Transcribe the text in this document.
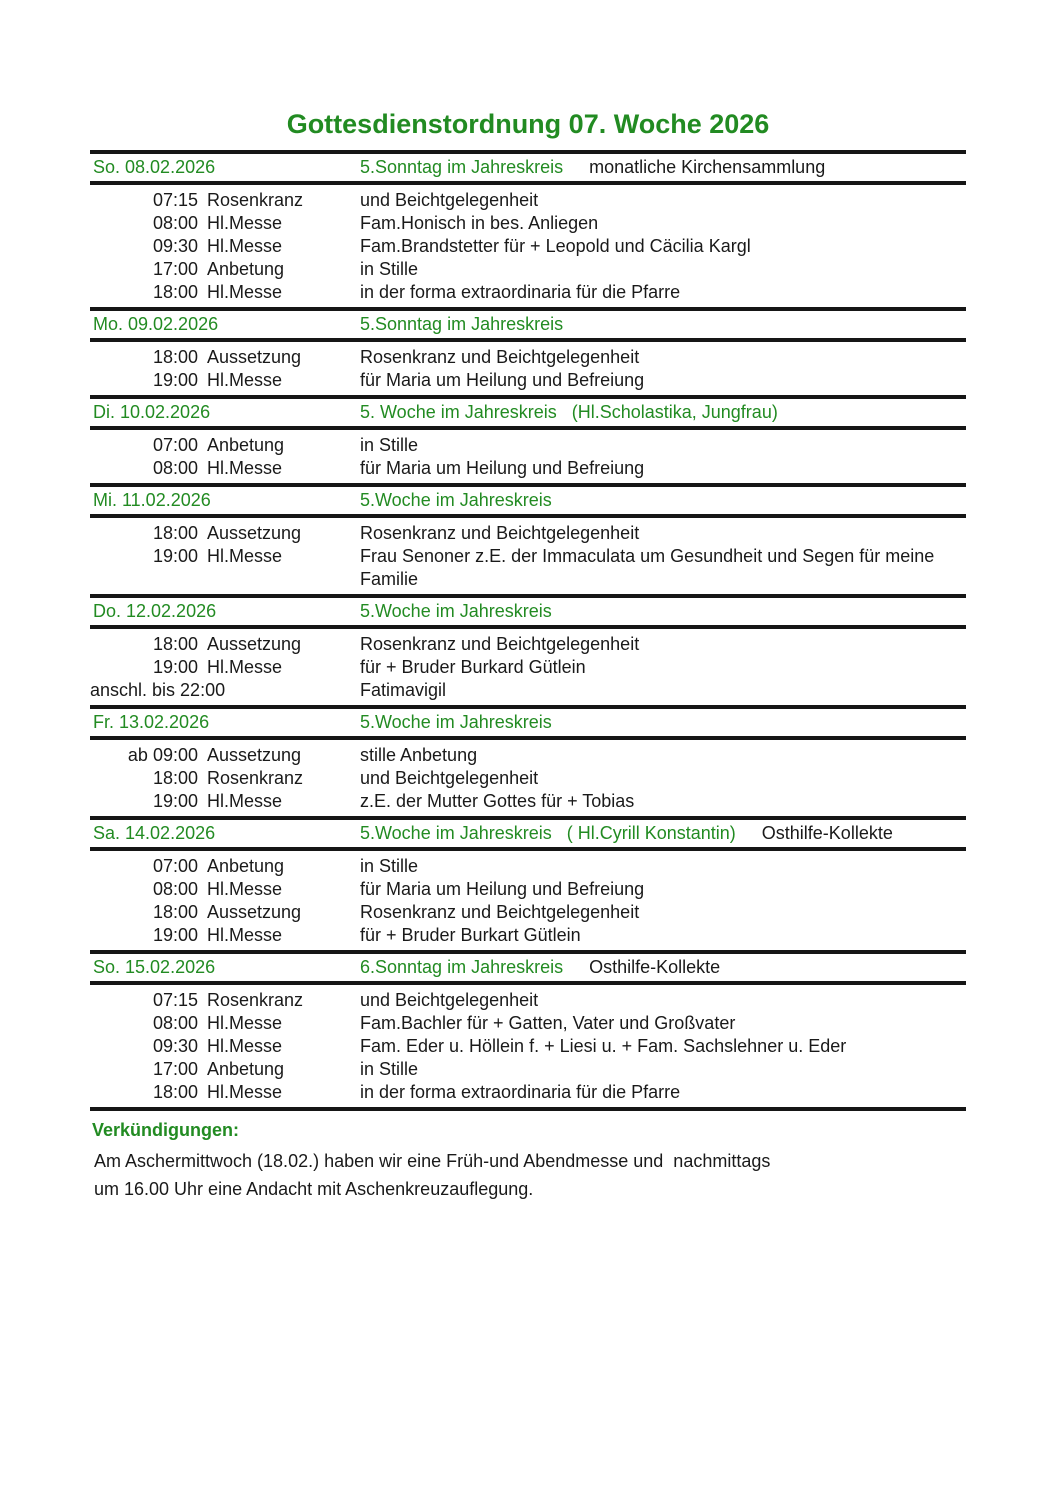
Gottesdienstordnung 07. Woche 2026
So. 08.02.2026	5.Sonntag im Jahreskreis monatliche Kirchensammlung
07:15 Rosenkranz	und Beichtgelegenheit
08:00 Hl.Messe	Fam.Honisch in bes. Anliegen
09:30 Hl.Messe	Fam.Brandstetter für + Leopold und Cäcilia Kargl
17:00 Anbetung	in Stille
18:00 Hl.Messe	in der forma extraordinaria für die Pfarre
Mo. 09.02.2026	5.Sonntag im Jahreskreis
18:00 Aussetzung	Rosenkranz und Beichtgelegenheit
19:00 Hl.Messe	für Maria um Heilung und Befreiung
Di. 10.02.2026	5. Woche im Jahreskreis (Hl.Scholastika, Jungfrau)
07:00 Anbetung	in Stille
08:00 Hl.Messe	für Maria um Heilung und Befreiung
Mi. 11.02.2026	5.Woche im Jahreskreis
18:00 Aussetzung	Rosenkranz und Beichtgelegenheit
19:00 Hl.Messe	Frau Senoner z.E. der Immaculata um Gesundheit und Segen für meine Familie
Do. 12.02.2026	5.Woche im Jahreskreis
18:00 Aussetzung	Rosenkranz und Beichtgelegenheit
19:00 Hl.Messe	für + Bruder Burkard Gütlein
anschl. bis 22:00	Fatimavigil
Fr. 13.02.2026	5.Woche im Jahreskreis
ab 09:00 Aussetzung	stille Anbetung
18:00 Rosenkranz	und Beichtgelegenheit
19:00 Hl.Messe	z.E. der Mutter Gottes für + Tobias
Sa. 14.02.2026	5.Woche im Jahreskreis ( Hl.Cyrill Konstantin) Osthilfe-Kollekte
07:00 Anbetung	in Stille
08:00 Hl.Messe	für Maria um Heilung und Befreiung
18:00 Aussetzung	Rosenkranz und Beichtgelegenheit
19:00 Hl.Messe	für + Bruder Burkart Gütlein
So. 15.02.2026	6.Sonntag im Jahreskreis Osthilfe-Kollekte
07:15 Rosenkranz	und Beichtgelegenheit
08:00 Hl.Messe	Fam.Bachler für + Gatten, Vater und Großvater
09:30 Hl.Messe	Fam. Eder u. Höllein f. + Liesi u. + Fam. Sachslehner u. Eder
17:00 Anbetung	in Stille
18:00 Hl.Messe	in der forma extraordinaria für die Pfarre
Verkündigungen:
Am Aschermittwoch (18.02.) haben wir eine Früh-und Abendmesse und  nachmittags
um 16.00 Uhr eine Andacht mit Aschenkreuzauflegung.
